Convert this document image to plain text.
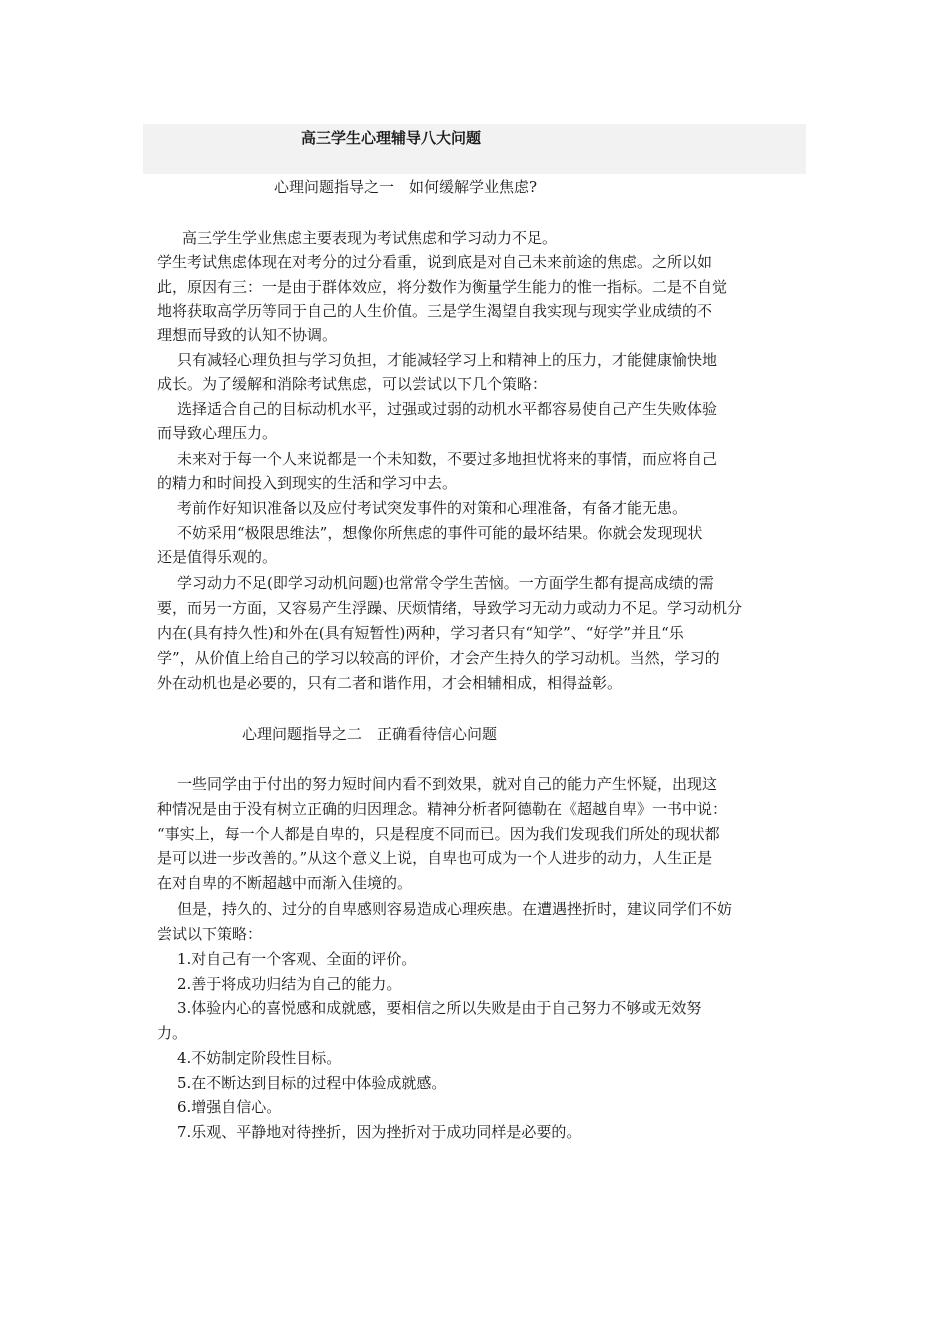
高三学生心理辅导八大问题
心理问题指导之一　如何缓解学业焦虑?
高三学生学业焦虑主要表现为考试焦虑和学习动力不足。
学生考试焦虑体现在对考分的过分看重，说到底是对自己未来前途的焦虑。之所以如
此，原因有三：一是由于群体效应，将分数作为衡量学生能力的惟一指标。二是不自觉
地将获取高学历等同于自己的人生价值。三是学生渴望自我实现与现实学业成绩的不
理想而导致的认知不协调。
只有减轻心理负担与学习负担，才能减轻学习上和精神上的压力，才能健康愉快地
成长。为了缓解和消除考试焦虑，可以尝试以下几个策略：
选择适合自己的目标动机水平，过强或过弱的动机水平都容易使自己产生失败体验
而导致心理压力。
未来对于每一个人来说都是一个未知数，不要过多地担忧将来的事情，而应将自己
的精力和时间投入到现实的生活和学习中去。
考前作好知识准备以及应付考试突发事件的对策和心理准备，有备才能无患。
不妨采用“极限思维法”，想像你所焦虑的事件可能的最坏结果。你就会发现现状
还是值得乐观的。
学习动力不足(即学习动机问题)也常常令学生苦恼。一方面学生都有提高成绩的需
要，而另一方面，又容易产生浮躁、厌烦情绪，导致学习无动力或动力不足。学习动机分
内在(具有持久性)和外在(具有短暂性)两种，学习者只有“知学”、“好学”并且“乐
学”，从价值上给自己的学习以较高的评价，才会产生持久的学习动机。当然，学习的
外在动机也是必要的，只有二者和谐作用，才会相辅相成，相得益彰。
心理问题指导之二　正确看待信心问题
一些同学由于付出的努力短时间内看不到效果，就对自己的能力产生怀疑，出现这
种情况是由于没有树立正确的归因理念。精神分析者阿德勒在《超越自卑》一书中说：
“事实上，每一个人都是自卑的，只是程度不同而已。因为我们发现我们所处的现状都
是可以进一步改善的。”从这个意义上说，自卑也可成为一个人进步的动力，人生正是
在对自卑的不断超越中而渐入佳境的。
但是，持久的、过分的自卑感则容易造成心理疾患。在遭遇挫折时，建议同学们不妨
尝试以下策略：
1.对自己有一个客观、全面的评价。
2.善于将成功归结为自己的能力。
3.体验内心的喜悦感和成就感，要相信之所以失败是由于自己努力不够或无效努
力。
4.不妨制定阶段性目标。
5.在不断达到目标的过程中体验成就感。
6.增强自信心。
7.乐观、平静地对待挫折，因为挫折对于成功同样是必要的。
